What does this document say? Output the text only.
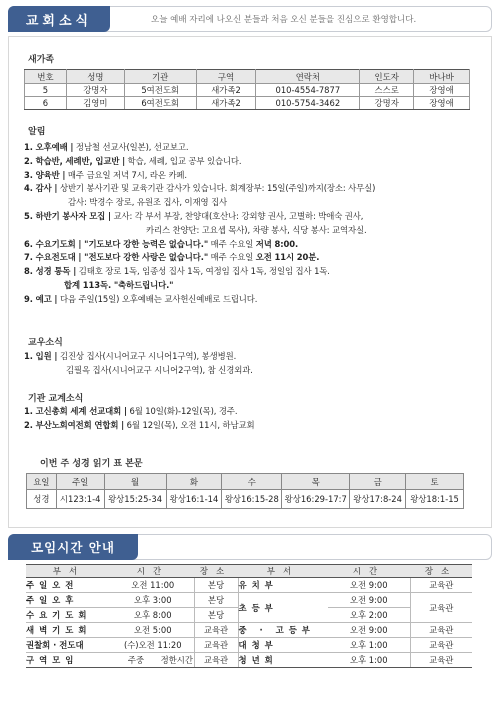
교회소식	오늘 예배 자리에 나오신 분들과 처음 오신 분들을 진심으로 환영합니다.
새가족
번호	성명	기관	구역	연락처	인도자	바나바
5	강명자	5여전도회	새가족2	010-4554-7877	스스로	장영애
6	김영미	6여전도회	새가족2	010-5754-3462	강명자	장영애
알림
1. 오후예배 | 정남철 선교사(일본), 선교보고.
2. 학습반, 세례반, 입교반 | 학습, 세례, 입교 공부 있습니다.
3. 양육반 | 매주 금요일 저녁 7시, 라온 카페.
4. 감사 | 상반기 봉사기관 및 교육기관 감사가 있습니다. 회계장부: 15일(주일)까지(장소: 사무실)
감사: 박경수 장로, 유원조 집사, 이재영 집사
5. 하반기 봉사자 모집 | 교사: 각 부서 부장, 찬양대(호산나: 강외향 권사, 고별하: 박애숙 권사,
카리스 찬양단: 고요셉 목사), 차량 봉사, 식당 봉사: 교역자실.
6. 수요기도회 | "기도보다 강한 능력은 없습니다." 매주 수요일 저녁 8:00.
7. 수요전도대 | "전도보다 강한 사랑은 없습니다." 매주 수요일 오전 11시 20분.
8. 성경 통독 | 김태호 장로 1독, 임종성 집사 1독, 여정임 집사 1독, 정일임 집사 1독.
합계 113독. "축하드립니다."
9. 예고 | 다음 주일(15일) 오후예배는 교사헌신예배로 드립니다.
교우소식
1. 입원 | 김진상 집사(시니어교구 시니어1구역), 봉생병원.
김필옥 집사(시니어교구 시니어2구역), 참 신경외과.
기관 교계소식
1. 고신총회 세계 선교대회 | 6월 10일(화)-12일(목), 경주.
2. 부산노회여전회 연합회 | 6월 12일(목), 오전 11시, 하남교회
이번 주 성경 읽기 표 본문
요일	주일	월	화	수	목	금	토
성경	시123:1-4	왕상15:25-34	왕상16:1-14	왕상16:15-28	왕상16:29-17:7	왕상17:8-24	왕상18:1-15
모임시간 안내
부서	시간		장소	부서	시간	장소
주일오전	오전 11:00		본당	유치부	오전 9:00	교육관
주일오후	오후 3:00		본당	초등부	오전 9:00	교육관
수요기도회	오후 8:00		본당		오후 2:00	
새벽기도회	오전 5:00		교육관	중 · 고등부	오전 9:00	교육관
권찰회 · 전도대	(수)오전 11:20		교육관	대청부	오후 1:00	교육관
구역모임	주중	정한시간	교육관	청년회	오후 1:00	교육관
